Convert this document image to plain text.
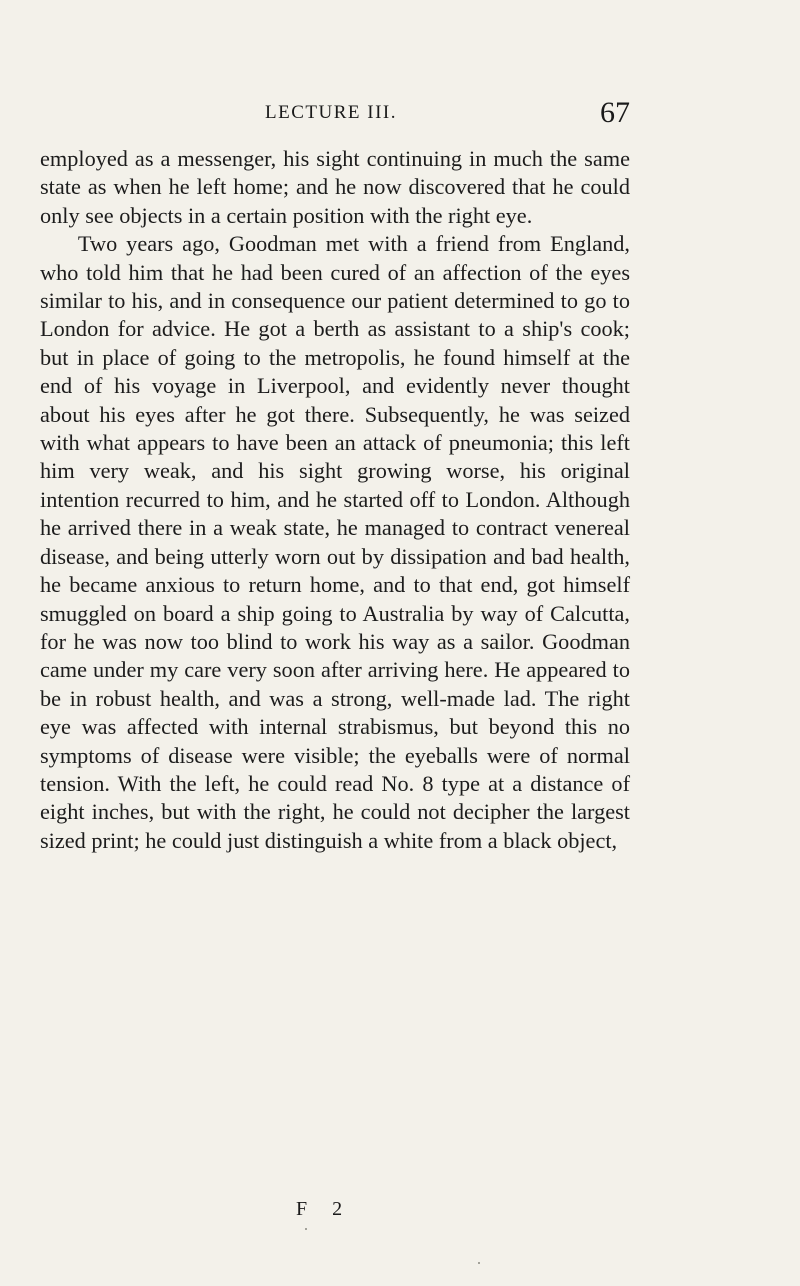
LECTURE III.	67

employed as a messenger, his sight continuing in much the same state as when he left home; and he now discovered that he could only see objects in a certain position with the right eye.

Two years ago, Goodman met with a friend from England, who told him that he had been cured of an affection of the eyes similar to his, and in consequence our patient determined to go to London for advice. He got a berth as assistant to a ship's cook; but in place of going to the metropolis, he found himself at the end of his voyage in Liverpool, and evidently never thought about his eyes after he got there. Subsequently, he was seized with what appears to have been an attack of pneumonia; this left him very weak, and his sight growing worse, his original intention recurred to him, and he started off to London. Although he arrived there in a weak state, he managed to contract venereal disease, and being utterly worn out by dissipation and bad health, he became anxious to return home, and to that end, got himself smuggled on board a ship going to Australia by way of Calcutta, for he was now too blind to work his way as a sailor. Goodman came under my care very soon after arriving here. He appeared to be in robust health, and was a strong, well-made lad. The right eye was affected with internal strabismus, but beyond this no symptoms of disease were visible; the eyeballs were of normal tension. With the left, he could read No. 8 type at a distance of eight inches, but with the right, he could not decipher the largest sized print; he could just distinguish a white from a black object,

F 2
